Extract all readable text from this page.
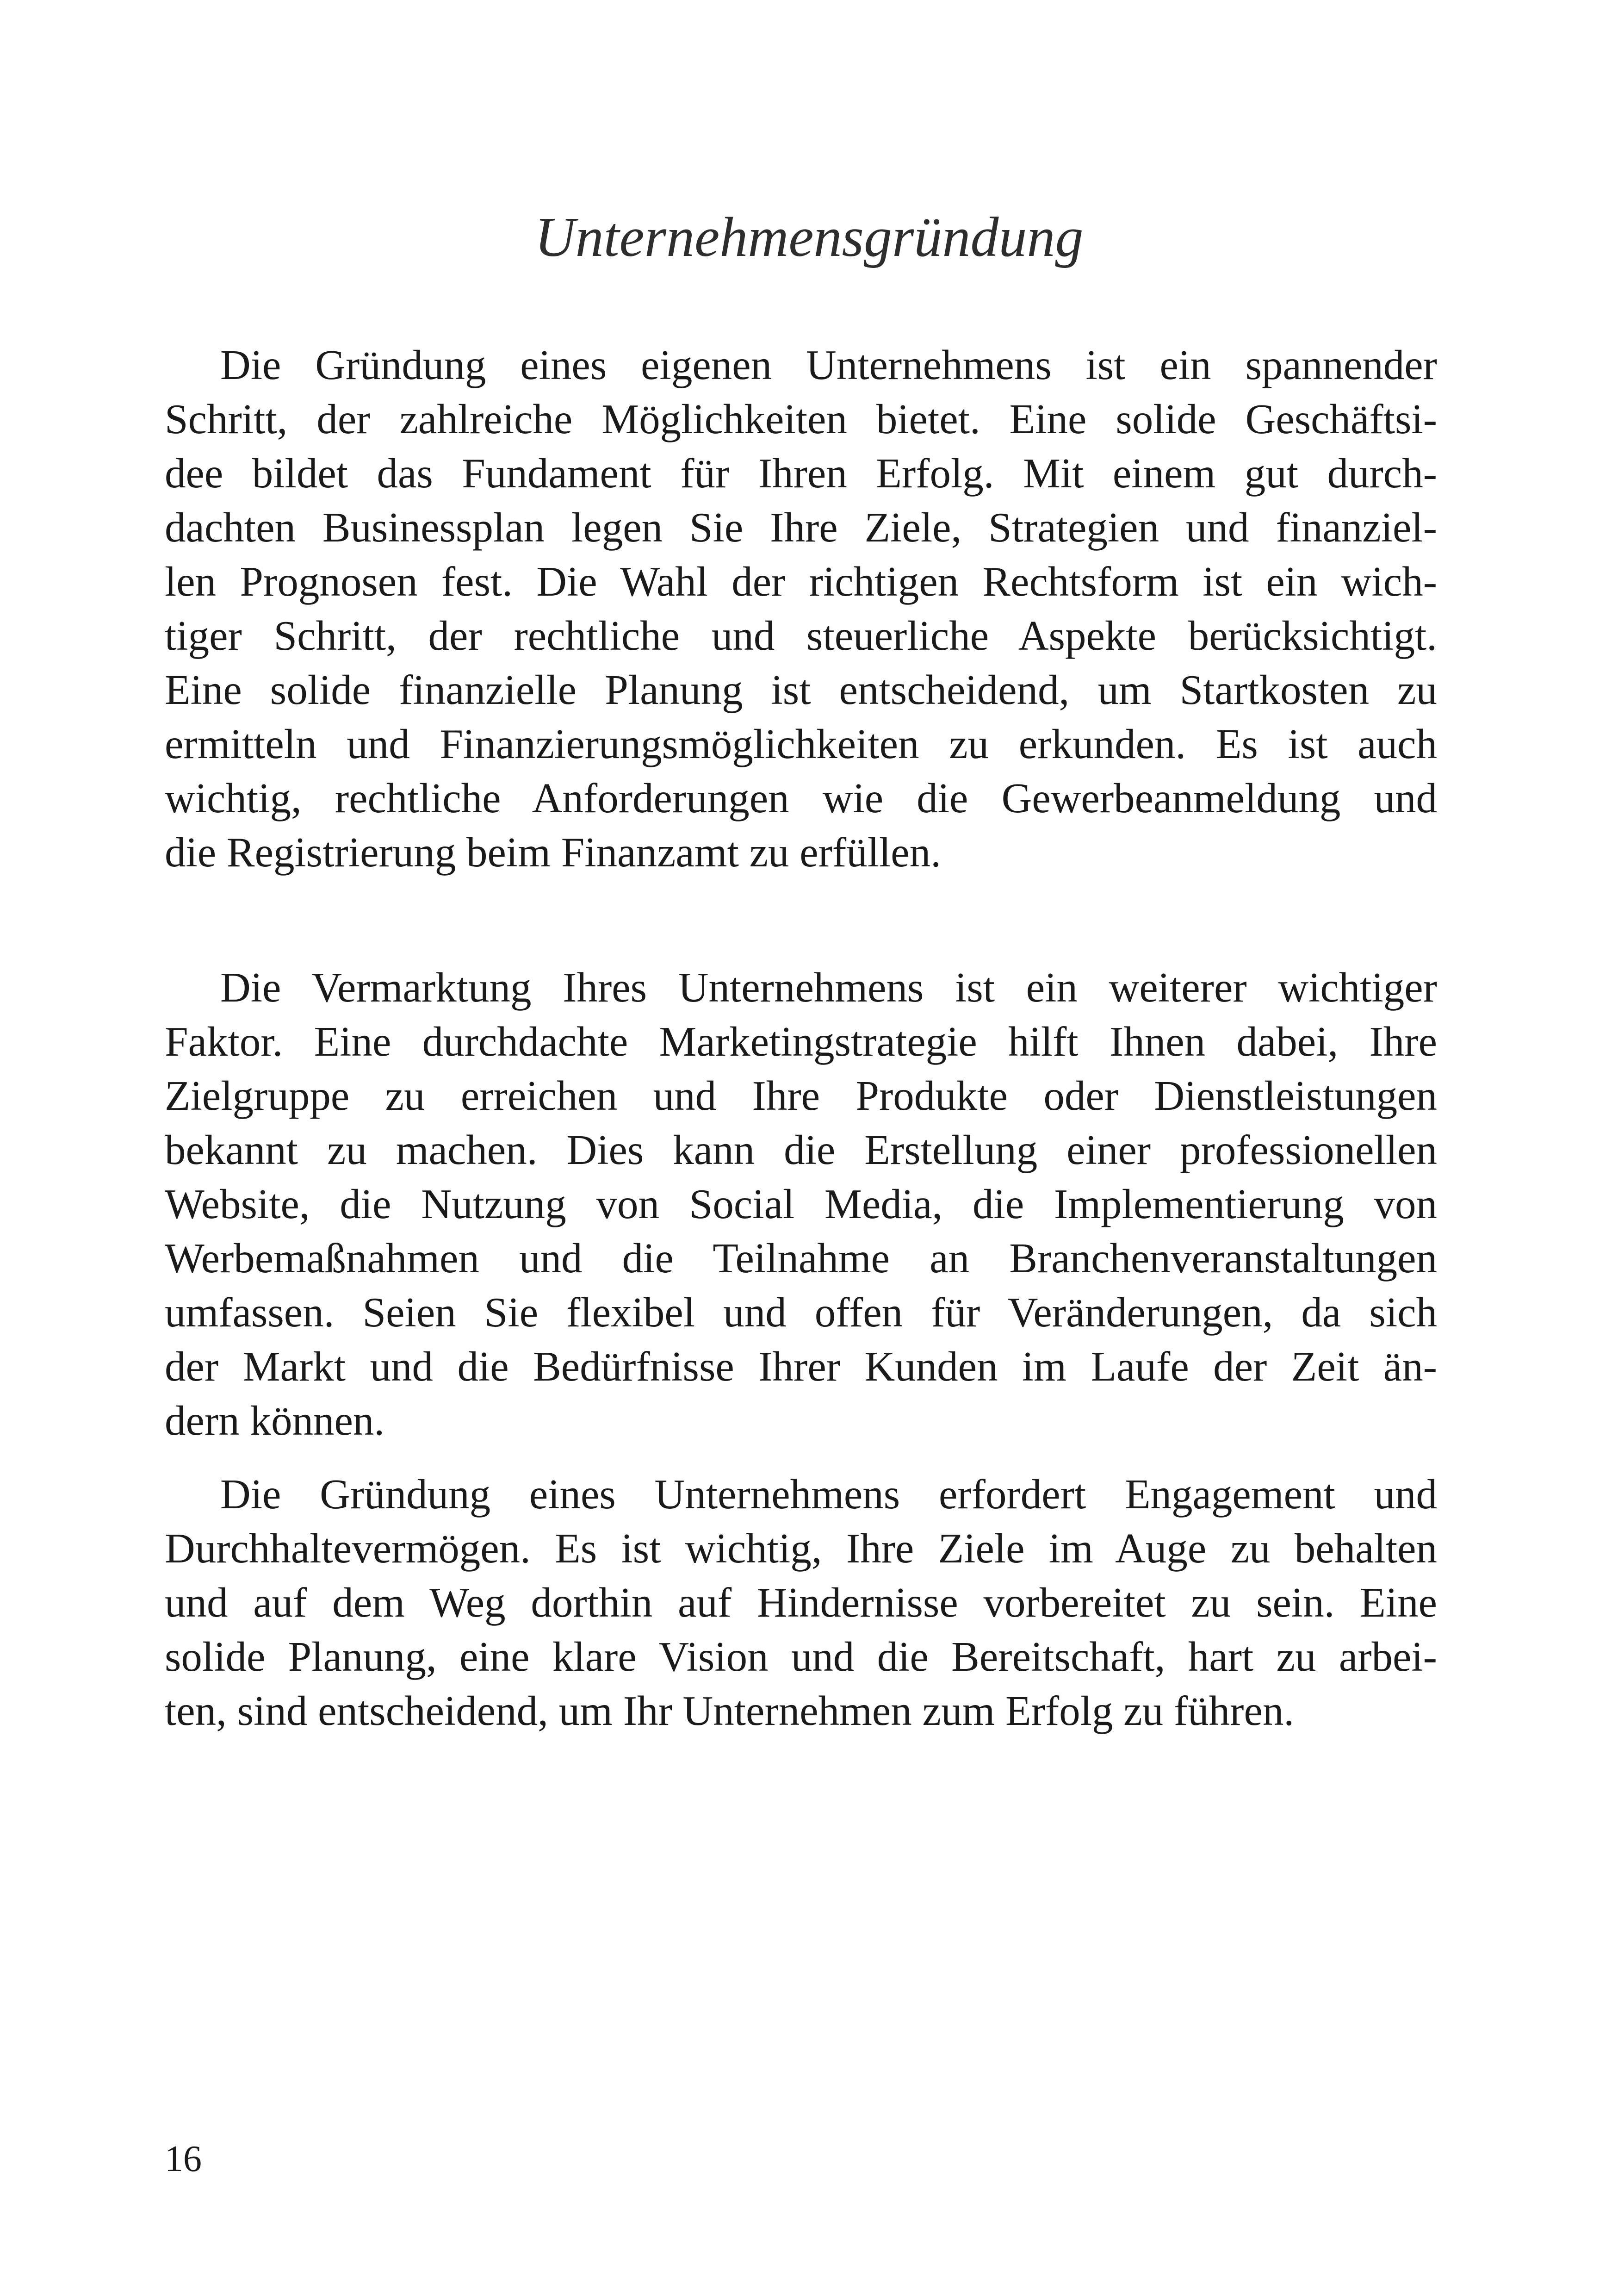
Unternehmensgründung
Die Gründung eines eigenen Unternehmens ist ein spannender
Schritt, der zahlreiche Möglichkeiten bietet. Eine solide Geschäftsi-
dee bildet das Fundament für Ihren Erfolg. Mit einem gut durch-
dachten Businessplan legen Sie Ihre Ziele, Strategien und finanziel-
len Prognosen fest. Die Wahl der richtigen Rechtsform ist ein wich-
tiger Schritt, der rechtliche und steuerliche Aspekte berücksichtigt.
Eine solide finanzielle Planung ist entscheidend, um Startkosten zu
ermitteln und Finanzierungsmöglichkeiten zu erkunden. Es ist auch
wichtig, rechtliche Anforderungen wie die Gewerbeanmeldung und
die Registrierung beim Finanzamt zu erfüllen.
Die Vermarktung Ihres Unternehmens ist ein weiterer wichtiger
Faktor. Eine durchdachte Marketingstrategie hilft Ihnen dabei, Ihre
Zielgruppe zu erreichen und Ihre Produkte oder Dienstleistungen
bekannt zu machen. Dies kann die Erstellung einer professionellen
Website, die Nutzung von Social Media, die Implementierung von
Werbemaßnahmen und die Teilnahme an Branchenveranstaltungen
umfassen. Seien Sie flexibel und offen für Veränderungen, da sich
der Markt und die Bedürfnisse Ihrer Kunden im Laufe der Zeit än-
dern können.
Die Gründung eines Unternehmens erfordert Engagement und
Durchhaltevermögen. Es ist wichtig, Ihre Ziele im Auge zu behalten
und auf dem Weg dorthin auf Hindernisse vorbereitet zu sein. Eine
solide Planung, eine klare Vision und die Bereitschaft, hart zu arbei-
ten, sind entscheidend, um Ihr Unternehmen zum Erfolg zu führen.
16
